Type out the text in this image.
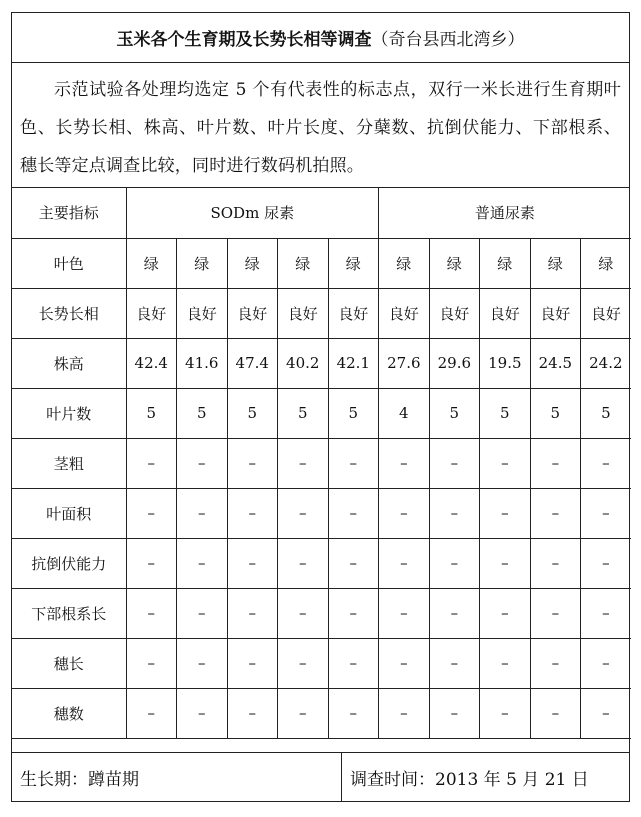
玉米各个生育期及长势长相等调查 （奇台县西北湾乡）
示范试验各处理均选定 5 个有代表性的标志点，双行一米长进行生育期叶色、长势长相、株高、叶片数、叶片长度、分蘖数、抗倒伏能力、下部根系、穗长等定点调查比较，同时进行数码机拍照。
主要指标	SODm 尿素					普通尿素				
叶色	绿	绿	绿	绿	绿	绿	绿	绿	绿	绿
长势长相	良好	良好	良好	良好	良好	良好	良好	良好	良好	良好
株高	42.4	41.6	47.4	40.2	42.1	27.6	29.6	19.5	24.5	24.2
叶片数	5	5	5	5	5	4	5	5	5	5
茎粗	–	–	–	–	–	–	–	–	–	–
叶面积	–	–	–	–	–	–	–	–	–	–
抗倒伏能力	–	–	–	–	–	–	–	–	–	–
下部根系长	–	–	–	–	–	–	–	–	–	–
穗长	–	–	–	–	–	–	–	–	–	–
穗数	–	–	–	–	–	–	–	–	–	–
生长期：蹲苗期	调查时间：2013 年 5 月 21 日
